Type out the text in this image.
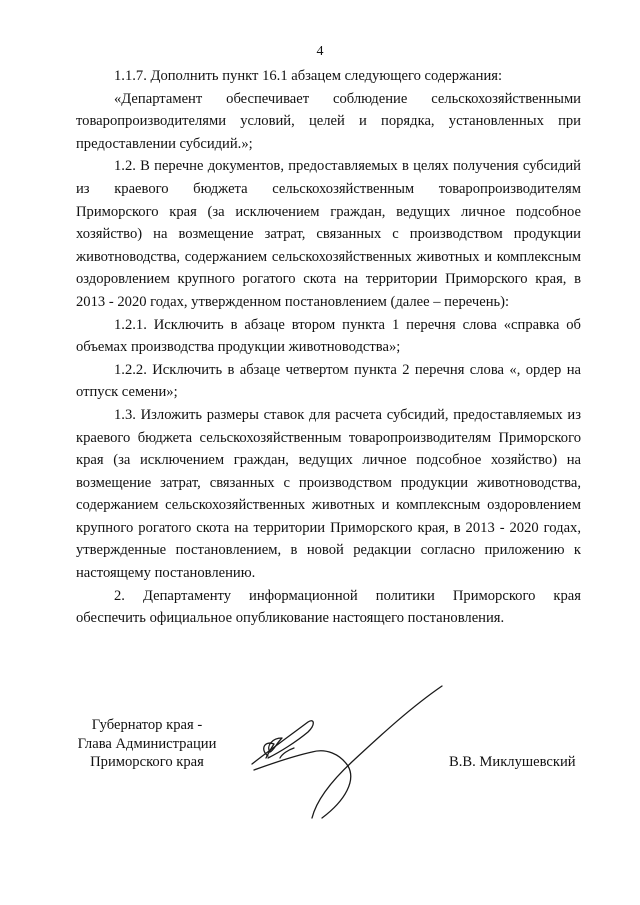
4

1.1.7. Дополнить пункт 16.1 абзацем следующего содержания:

«Департамент обеспечивает соблюдение сельскохозяйственными товаропроизводителями условий, целей и порядка, установленных при предоставлении субсидий.»;

1.2. В перечне документов, предоставляемых в целях получения субсидий из краевого бюджета сельскохозяйственным товаропроизводителям Приморского края (за исключением граждан, ведущих личное подсобное хозяйство) на возмещение затрат, связанных с производством продукции животноводства, содержанием сельскохозяйственных животных и комплексным оздоровлением крупного рогатого скота на территории Приморского края, в 2013 - 2020 годах, утвержденном постановлением (далее – перечень):

1.2.1. Исключить в абзаце втором пункта 1 перечня слова «справка об объемах производства продукции животноводства»;

1.2.2. Исключить в абзаце четвертом пункта 2 перечня слова «, ордер на отпуск семени»;

1.3. Изложить размеры ставок для расчета субсидий, предоставляемых из краевого бюджета сельскохозяйственным товаропроизводителям Приморского края (за исключением граждан, ведущих личное подсобное хозяйство) на возмещение затрат, связанных с производством продукции животноводства, содержанием сельскохозяйственных животных и комплексным оздоровлением крупного рогатого скота на территории Приморского края, в 2013 - 2020 годах, утвержденные постановлением, в новой редакции согласно приложению к настоящему постановлению.

2. Департаменту информационной политики Приморского края обеспечить официальное опубликование настоящего постановления.

Губернатор края -
Глава Администрации
Приморского края	В.В. Миклушевский
